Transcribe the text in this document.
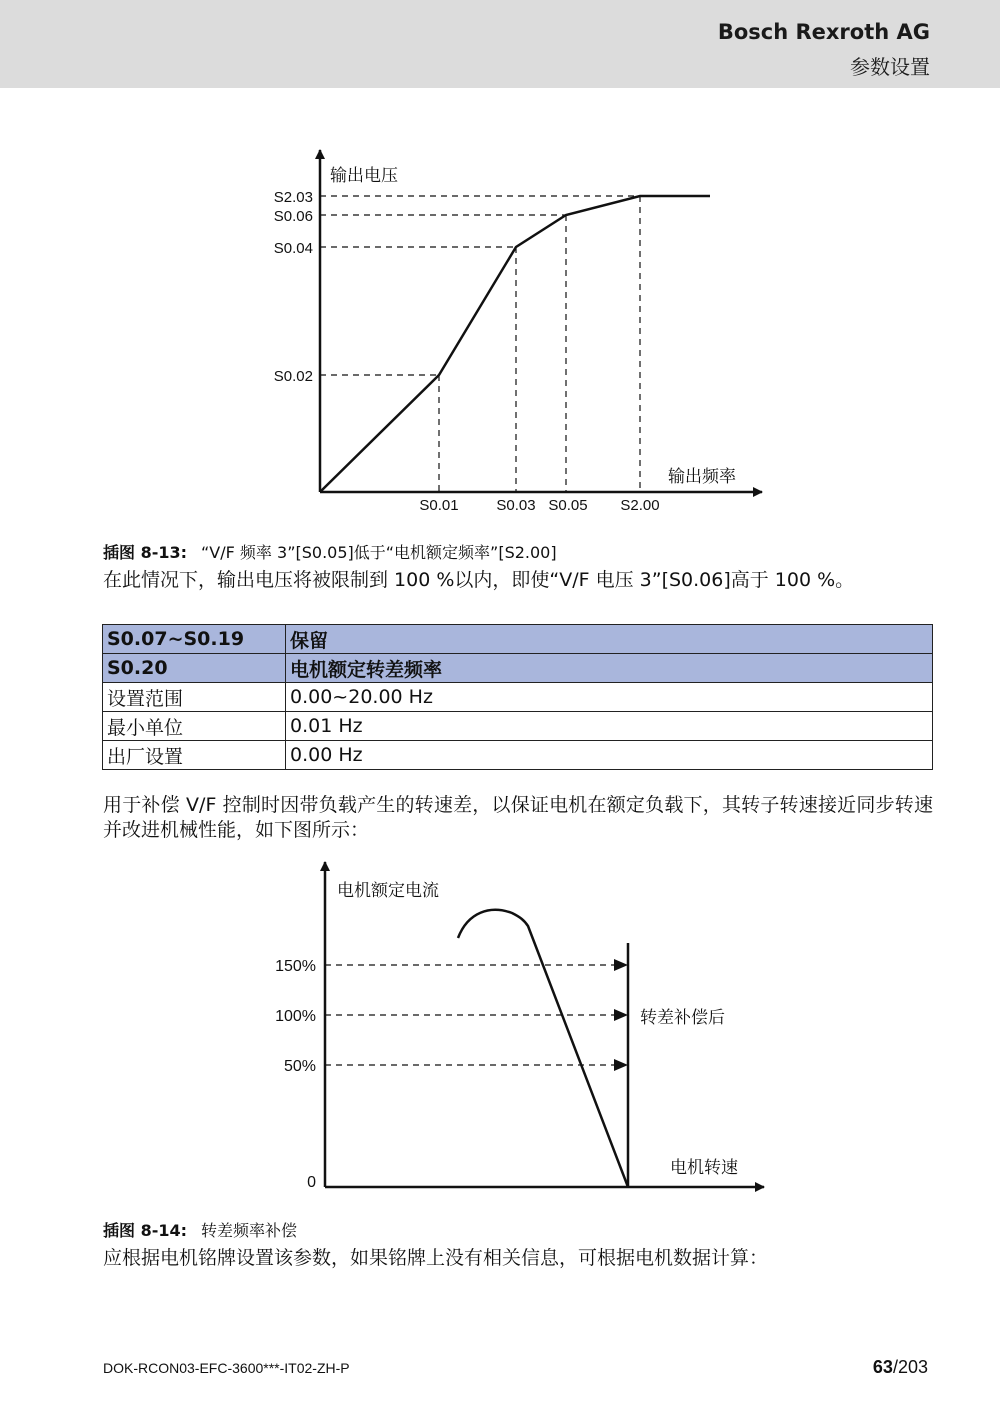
Bosch Rexroth AG
参数设置
输出电压
输出频率
S2.03
S0.06
S0.04
S0.02
S0.01	S0.03 S0.05 S2.00
插图 8-13: “V/F 频率 3”[S0.05]低于“电机额定频率”[S2.00]
在此情况下，输出电压将被限制到 100 %以内，即使“V/F 电压 3”[S0.06]高于 100 %。
S0.07~S0.19	保留
S0.20	电机额定转差频率
设置范围	0.00~20.00 Hz
最小单位	0.01 Hz
出厂设置	0.00 Hz
用于补偿 V/F 控制时因带负载产生的转速差，以保证电机在额定负载下，其转子转速接近同步转速并改进机械性能，如下图所示：
电机额定电流
电机转速
转差补偿后
150%
100%
50%
0
插图 8-14: 转差频率补偿
应根据电机铭牌设置该参数，如果铭牌上没有相关信息，可根据电机数据计算：
DOK-RCON03-EFC-3600***-IT02-ZH-P	63/203
